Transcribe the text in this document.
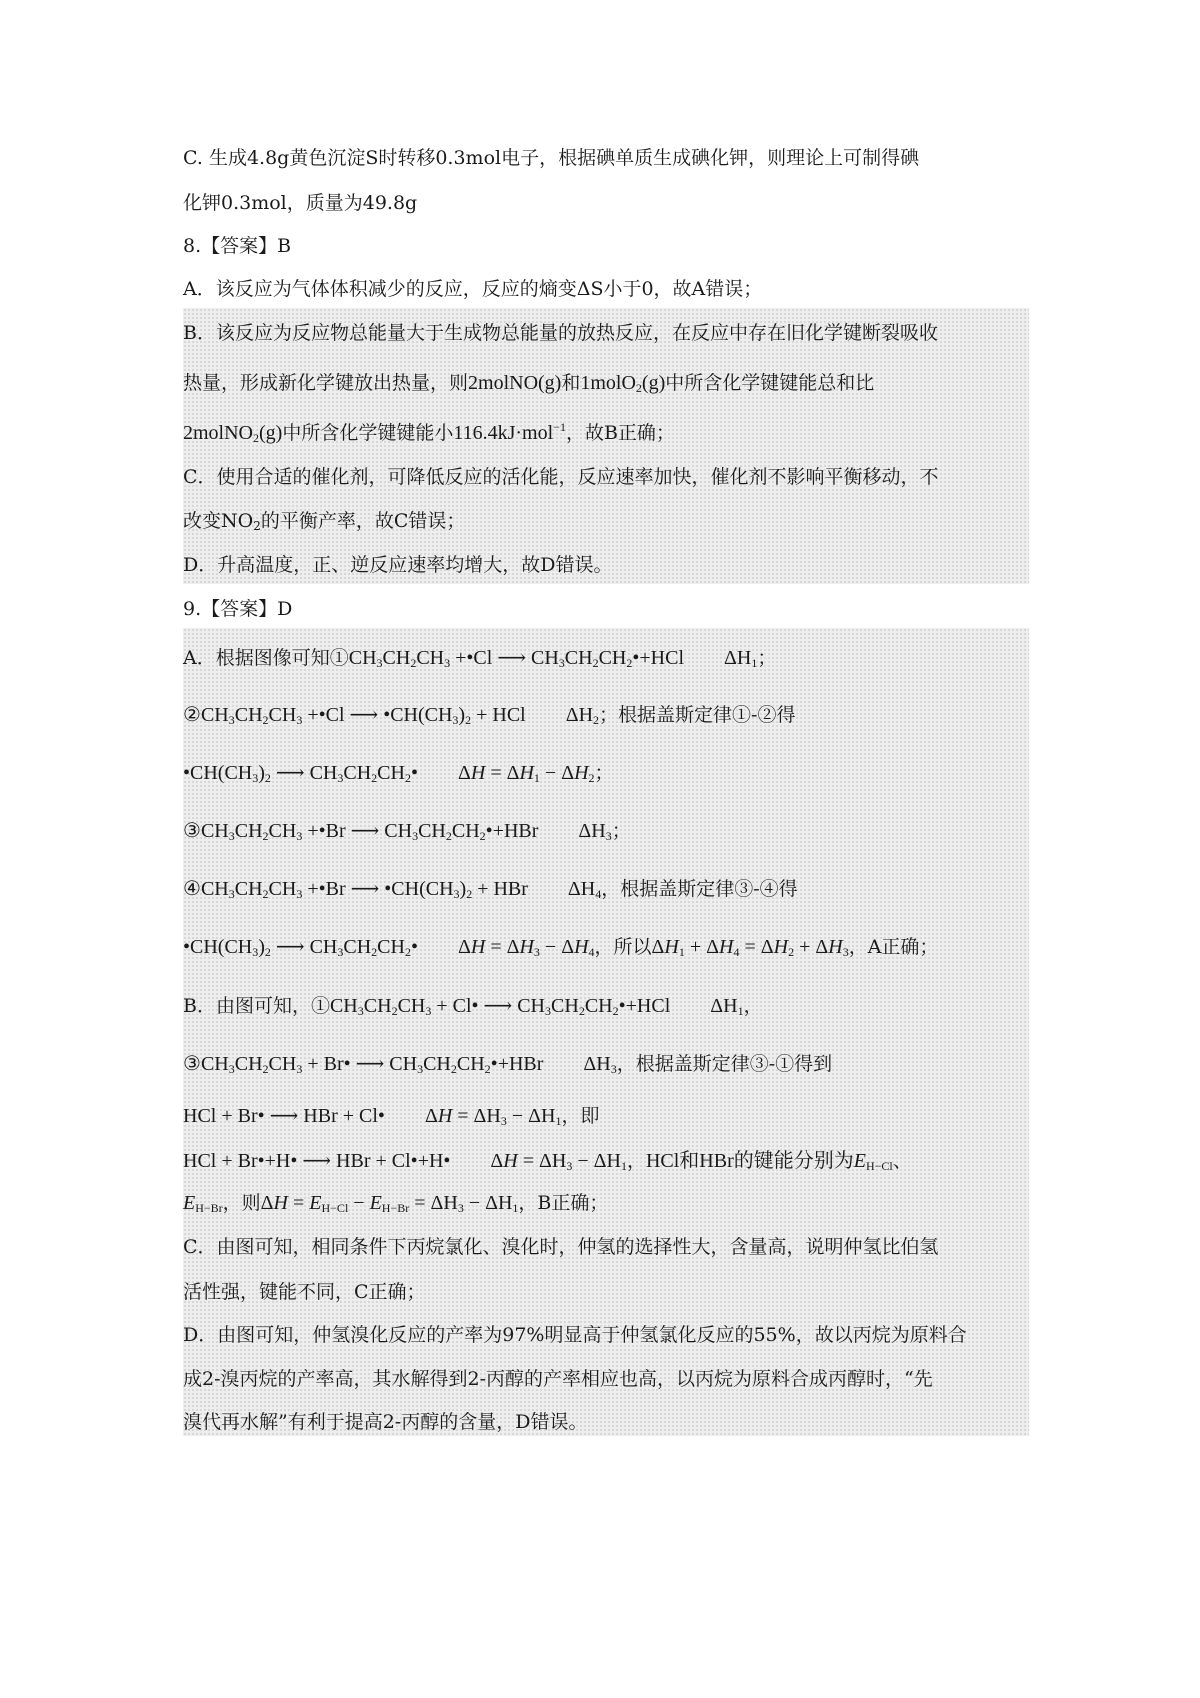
C. 生成4.8g黄色沉淀S时转移0.3mol电子，根据碘单质生成碘化钾，则理论上可制得碘
化钾0.3mol，质量为49.8g
8.【答案】B
A．该反应为气体体积减少的反应，反应的熵变ΔS小于0，故A错误；
B．该反应为反应物总能量大于生成物总能量的放热反应，在反应中存在旧化学键断裂吸收
热量，形成新化学键放出热量，则2molNO(g)和1molO$_2$(g)中所含化学键键能总和比
2molNO$_2$(g)中所含化学键键能小116.4kJ·mol$^{-1}$，故B正确；
C．使用合适的催化剂，可降低反应的活化能，反应速率加快，催化剂不影响平衡移动，不
改变$NO_2$的平衡产率，故C错误；
D．升高温度，正、逆反应速率均增大，故D错误。
9.【答案】D
A．根据图像可知$①CH_3CH_2CH_3$ +•Cl ⟶ $CH_3CH_2CH_2•+HCl$ $\Delta H_1$；
$②CH_3CH_2CH_3$ +•Cl ⟶ $•CH(CH_3)_2$ + HCl $\Delta H_2$；根据盖斯定律①-②得
$•CH(CH_3)_2$ ⟶ $CH_3CH_2CH_2•$ $\Delta H = \Delta H_1 - \Delta H_2$；
$③CH_3CH_2CH_3$ +•Br ⟶ $CH_3CH_2CH_2•+HBr$ $\Delta H_3$；
$④CH_3CH_2CH_3$ +•Br ⟶ $•CH(CH_3)_2$ + HBr $\Delta H_4$，根据盖斯定律③-④得
$•CH(CH_3)_2$ ⟶ $CH_3CH_2CH_2•$ $\Delta H = \Delta H_3 - \Delta H_4$，所以$\Delta H_1 + \Delta H_4 = \Delta H_2 + \Delta H_3$，A正确；
B．由图可知，$①CH_3CH_2CH_3$ + Cl• ⟶ $CH_3CH_2CH_2•+HCl$ $\Delta H_1$，
$③CH_3CH_2CH_3$ + Br• ⟶ $CH_3CH_2CH_2•+HBr$ $\Delta H_3$，根据盖斯定律③-①得到
HCl + Br• ⟶ HBr + Cl• $\Delta H = \Delta H_3 - \Delta H_1$，即
HCl + Br•+H• ⟶ HBr + Cl•+H• $\Delta H = \Delta H_3 - \Delta H_1$，HCl和HBr的键能分别为$E_{H-Cl}$、
$E_{H-Br}$，则$\Delta H = E_{H-Cl} - E_{H-Br} = \Delta H_3 - \Delta H_1$，B正确；
C．由图可知，相同条件下丙烷氯化、溴化时，仲氢的选择性大，含量高，说明仲氢比伯氢
活性强，键能不同，C正确；
D．由图可知，仲氢溴化反应的产率为97%明显高于仲氢氯化反应的55%，故以丙烷为原料合
成2-溴丙烷的产率高，其水解得到2-丙醇的产率相应也高，以丙烷为原料合成丙醇时，“先
溴代再水解”有利于提高2-丙醇的含量，D错误。
